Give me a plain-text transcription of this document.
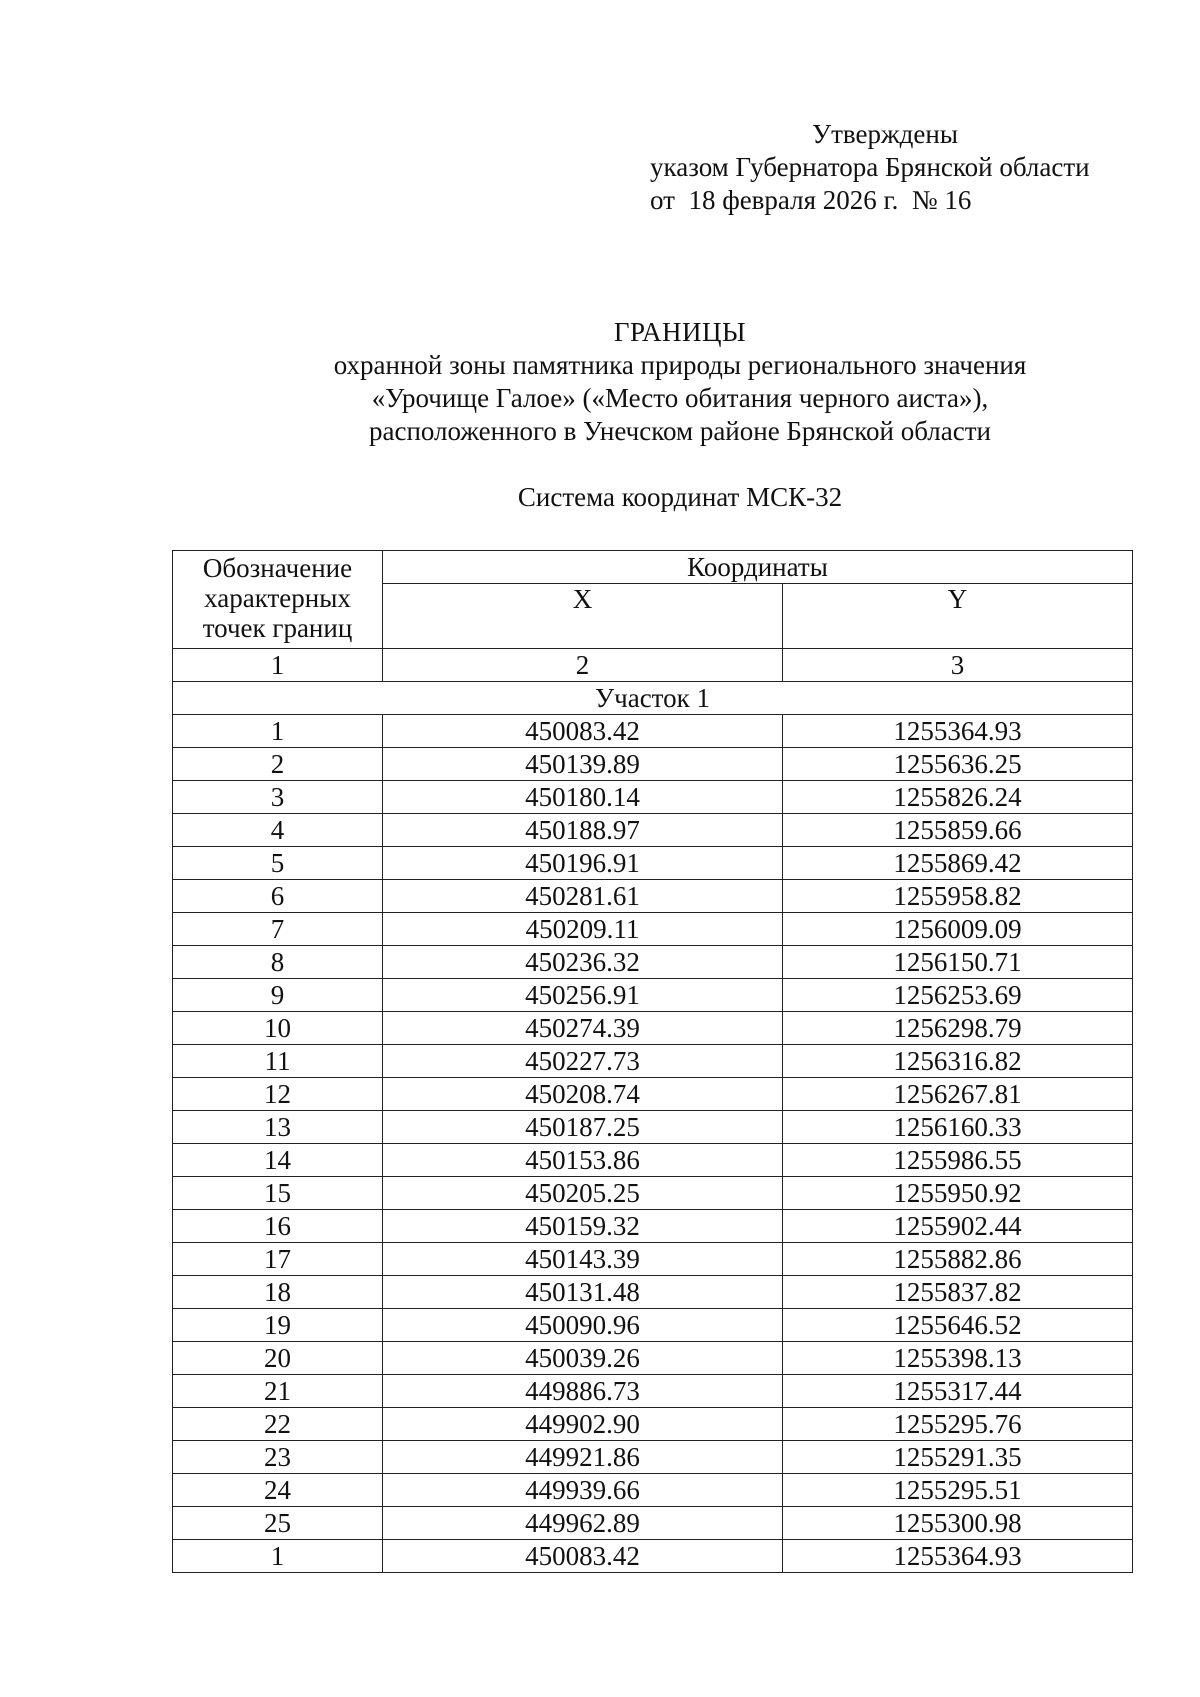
Утверждены
указом Губернатора Брянской области
от  18 февраля 2026 г.  № 16
ГРАНИЦЫ
охранной зоны памятника природы регионального значения
«Урочище Галое» («Место обитания черного аиста»),
расположенного в Унечском районе Брянской области
Система координат МСК-32
Обозначение
характерных
точек границ	Координаты	
	X	Y
1	2	3
Участок 1		
1	450083.42	1255364.93
2	450139.89	1255636.25
3	450180.14	1255826.24
4	450188.97	1255859.66
5	450196.91	1255869.42
6	450281.61	1255958.82
7	450209.11	1256009.09
8	450236.32	1256150.71
9	450256.91	1256253.69
10	450274.39	1256298.79
11	450227.73	1256316.82
12	450208.74	1256267.81
13	450187.25	1256160.33
14	450153.86	1255986.55
15	450205.25	1255950.92
16	450159.32	1255902.44
17	450143.39	1255882.86
18	450131.48	1255837.82
19	450090.96	1255646.52
20	450039.26	1255398.13
21	449886.73	1255317.44
22	449902.90	1255295.76
23	449921.86	1255291.35
24	449939.66	1255295.51
25	449962.89	1255300.98
1	450083.42	1255364.93
